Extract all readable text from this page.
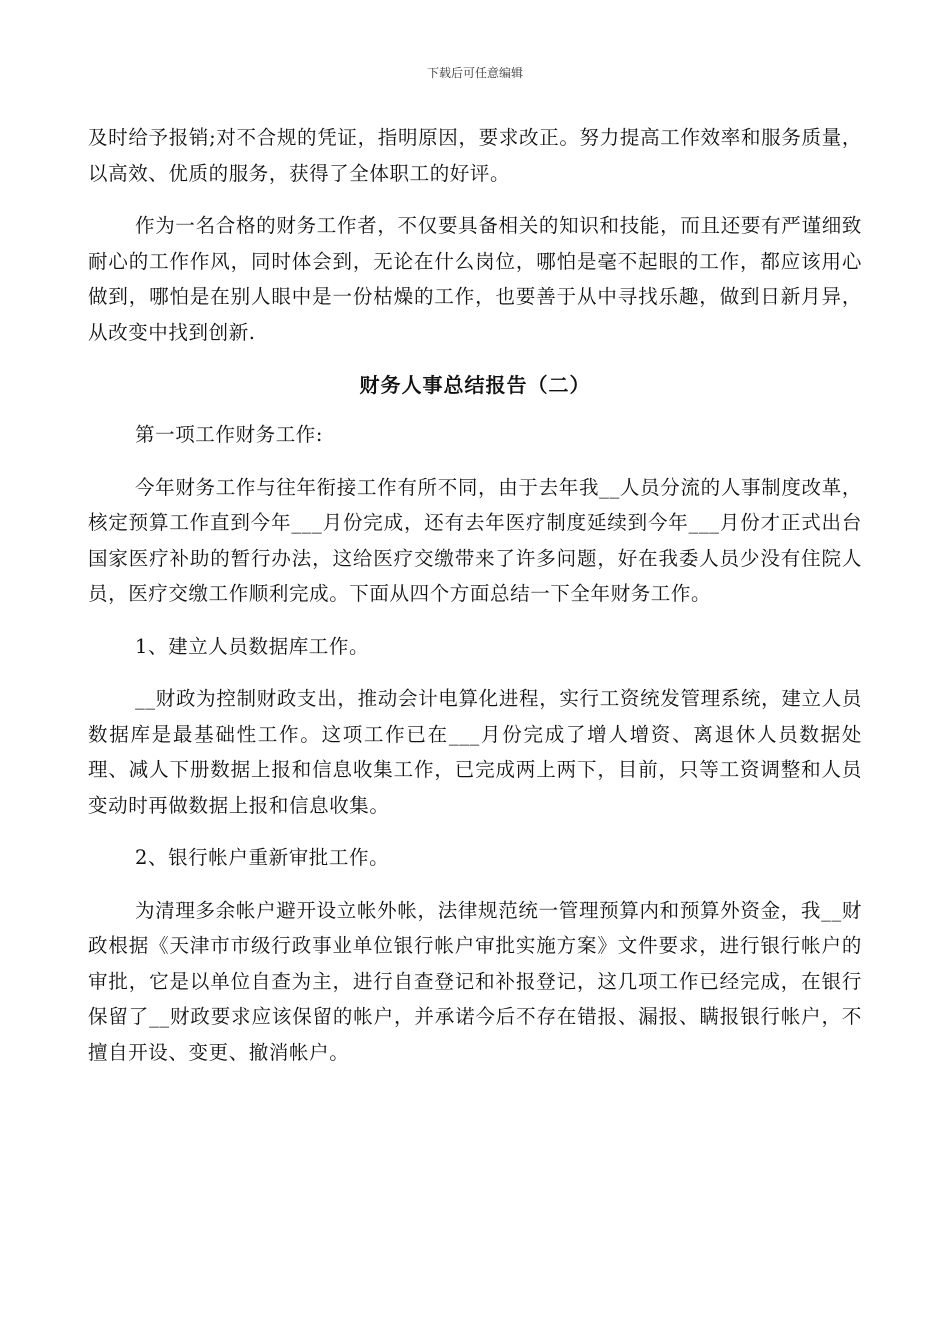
下载后可任意编辑

及时给予报销;对不合规的凭证，指明原因，要求改正。努力提高工作效率和服务质量，以高效、优质的服务，获得了全体职工的好评。

作为一名合格的财务工作者，不仅要具备相关的知识和技能，而且还要有严谨细致耐心的工作作风，同时体会到，无论在什么岗位，哪怕是毫不起眼的工作，都应该用心做到，哪怕是在别人眼中是一份枯燥的工作，也要善于从中寻找乐趣，做到日新月异，从改变中找到创新.

财务人事总结报告（二）

第一项工作财务工作:

今年财务工作与往年衔接工作有所不同，由于去年我__人员分流的人事制度改革，核定预算工作直到今年___月份完成，还有去年医疗制度延续到今年___月份才正式出台国家医疗补助的暂行办法，这给医疗交缴带来了许多问题，好在我委人员少没有住院人员，医疗交缴工作顺利完成。下面从四个方面总结一下全年财务工作。

1、建立人员数据库工作。

__财政为控制财政支出，推动会计电算化进程，实行工资统发管理系统，建立人员数据库是最基础性工作。这项工作已在___月份完成了增人增资、离退休人员数据处理、减人下册数据上报和信息收集工作，已完成两上两下，目前，只等工资调整和人员变动时再做数据上报和信息收集。

2、银行帐户重新审批工作。

为清理多余帐户避开设立帐外帐，法律规范统一管理预算内和预算外资金，我__财政根据《天津市市级行政事业单位银行帐户审批实施方案》文件要求，进行银行帐户的审批，它是以单位自查为主，进行自查登记和补报登记，这几项工作已经完成，在银行保留了__财政要求应该保留的帐户，并承诺今后不存在错报、漏报、瞒报银行帐户，不擅自开设、变更、撤消帐户。
